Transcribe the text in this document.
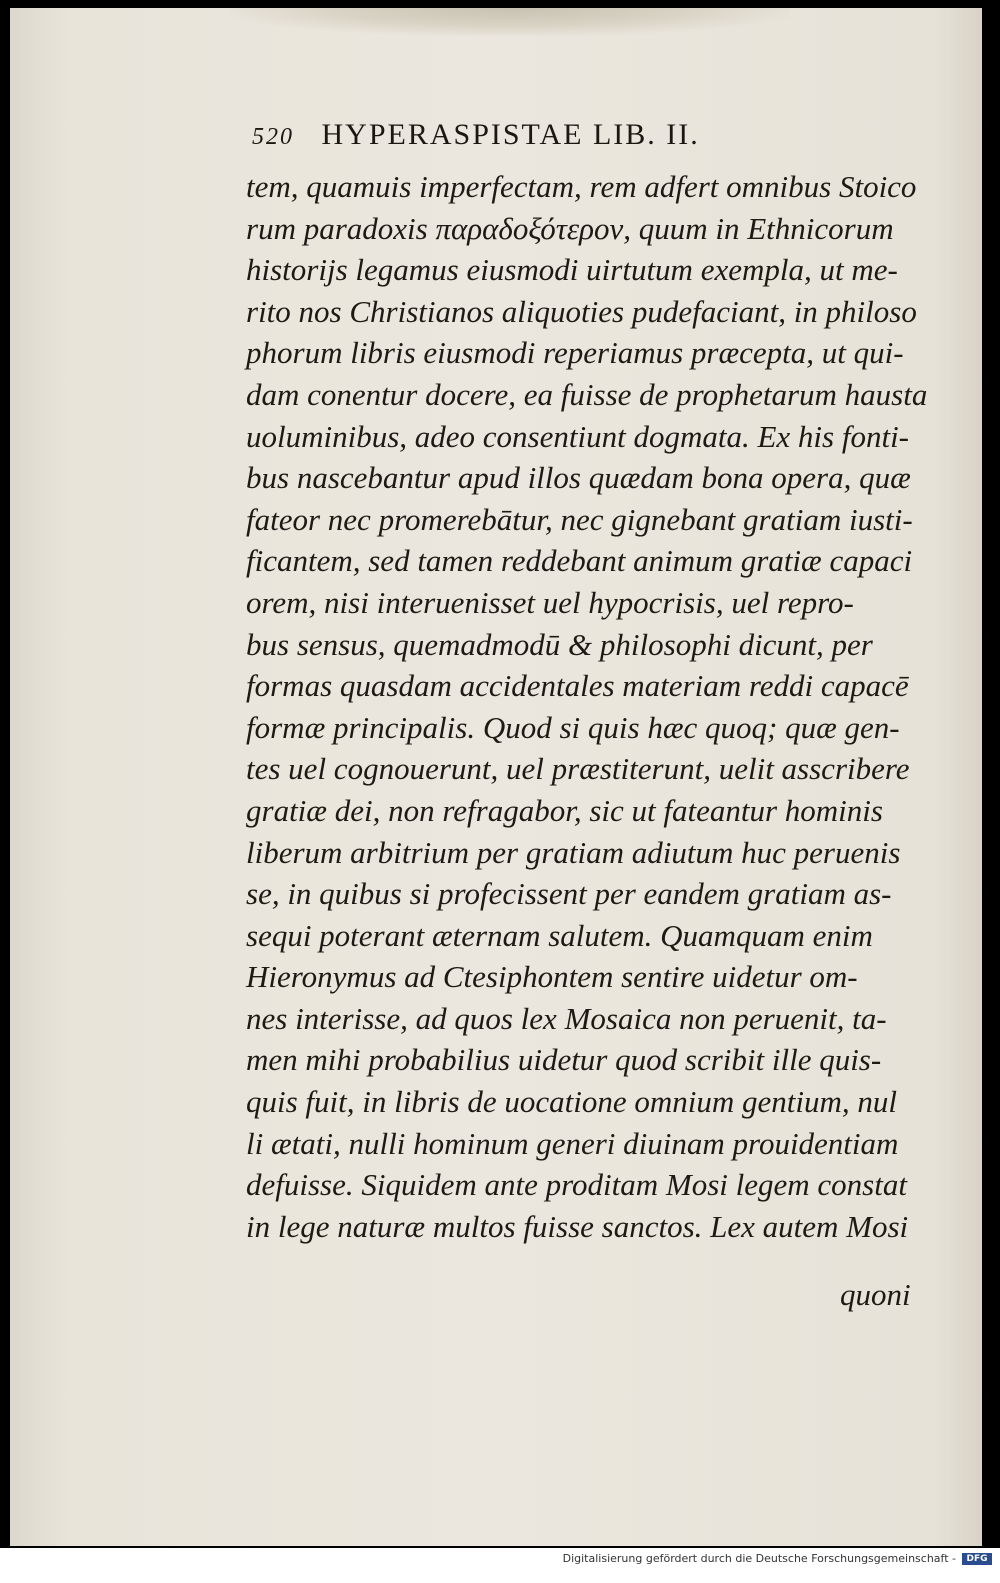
520 HYPERASPISTAE LIB. II.
tem, quamuis imperfectam, rem adfert omnibus Stoico
rum paradoxis παραδοξότερον, quum in Ethnicorum
historijs legamus eiusmodi uirtutum exempla, ut me-
rito nos Christianos aliquoties pudefaciant, in philoso
phorum libris eiusmodi reperiamus præcepta, ut qui-
dam conentur docere, ea fuisse de prophetarum hausta
uoluminibus, adeo consentiunt dogmata. Ex his fonti-
bus nascebantur apud illos quædam bona opera, quæ
fateor nec promerebātur, nec gignebant gratiam iusti-
ficantem, sed tamen reddebant animum gratiæ capaci
orem, nisi interuenisset uel hypocrisis, uel repro-
bus sensus, quemadmodū & philosophi dicunt, per
formas quasdam accidentales materiam reddi capacē
formæ principalis. Quod si quis hæc quoq; quæ gen-
tes uel cognouerunt, uel præstiterunt, uelit asscribere
gratiæ dei, non refragabor, sic ut fateantur hominis
liberum arbitrium per gratiam adiutum huc peruenis
se, in quibus si profecissent per eandem gratiam as-
sequi poterant æternam salutem. Quamquam enim
Hieronymus ad Ctesiphontem sentire uidetur om-
nes interisse, ad quos lex Mosaica non peruenit, ta-
men mihi probabilius uidetur quod scribit ille quis-
quis fuit, in libris de uocatione omnium gentium, nul
li ætati, nulli hominum generi diuinam prouidentiam
defuisse. Siquidem ante proditam Mosi legem constat
in lege naturæ multos fuisse sanctos. Lex autem Mosi
quoni
Digitalisierung gefördert durch die Deutsche Forschungsgemeinschaft -	DFG
